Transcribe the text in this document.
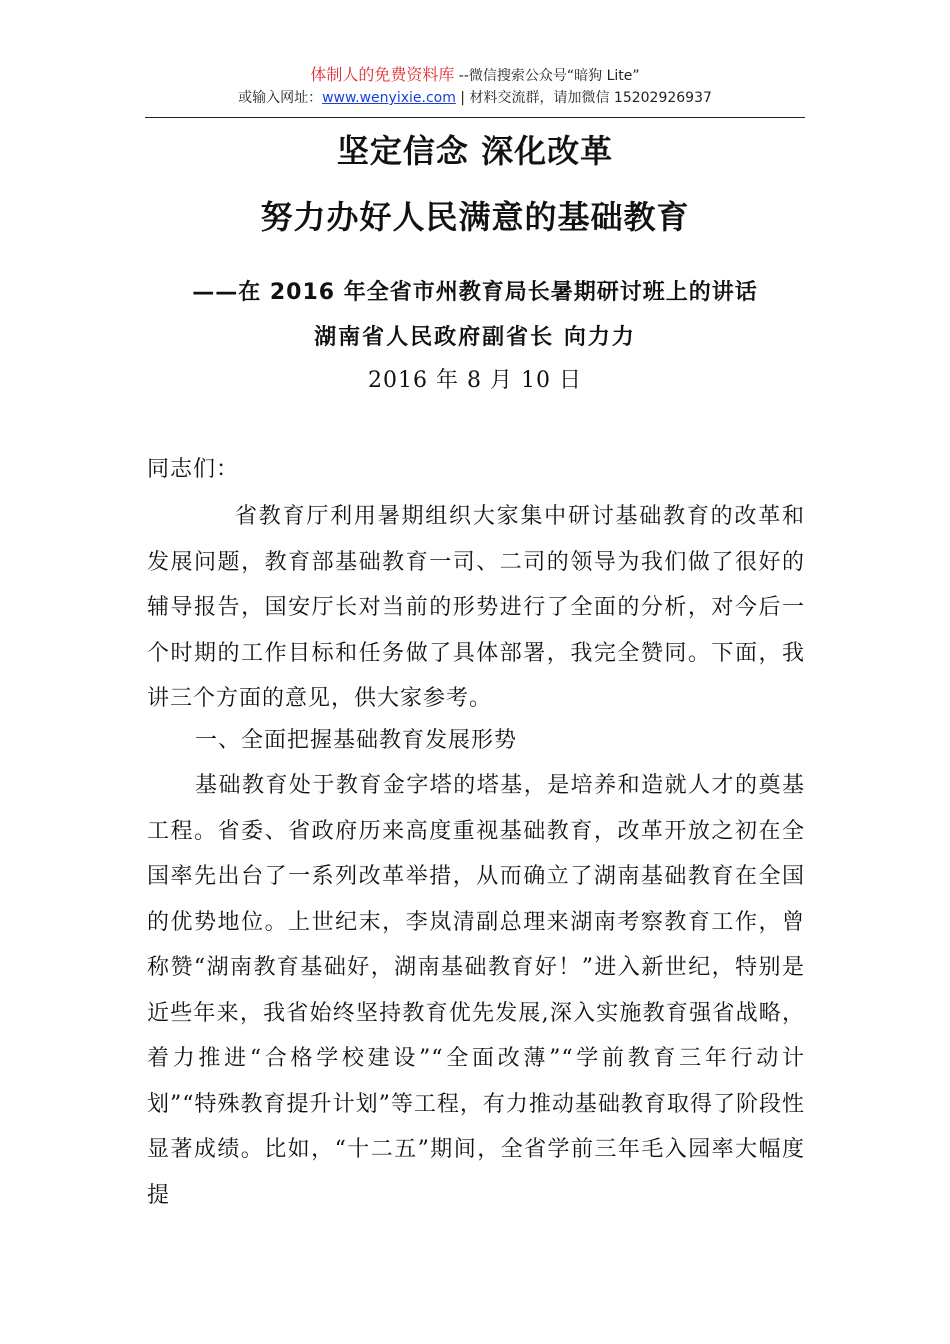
体制人的免费资料库 --微信搜索公众号“暗狗 Lite”
或输入网址：www.wenyixie.com | 材料交流群，请加微信 15202926937
坚定信念 深化改革
努力办好人民满意的基础教育
——在 2016 年全省市州教育局长暑期研讨班上的讲话
湖南省人民政府副省长 向力力
2016 年 8 月 10 日
同志们：

省教育厅利用暑期组织大家集中研讨基础教育的改革和发展问题，教育部基础教育一司、二司的领导为我们做了很好的辅导报告，国安厅长对当前的形势进行了全面的分析，对今后一个时期的工作目标和任务做了具体部署，我完全赞同。下面，我讲三个方面的意见，供大家参考。

一、全面把握基础教育发展形势

基础教育处于教育金字塔的塔基，是培养和造就人才的奠基工程。省委、省政府历来高度重视基础教育，改革开放之初在全国率先出台了一系列改革举措，从而确立了湖南基础教育在全国的优势地位。上世纪末，李岚清副总理来湖南考察教育工作，曾称赞“湖南教育基础好，湖南基础教育好！”进入新世纪，特别是近些年来，我省始终坚持教育优先发展,深入实施教育强省战略，着力推进“合格学校建设”“全面改薄”“学前教育三年行动计划”“特殊教育提升计划”等工程，有力推动基础教育取得了阶段性显著成绩。比如，“十二五”期间，全省学前三年毛入园率大幅度提
